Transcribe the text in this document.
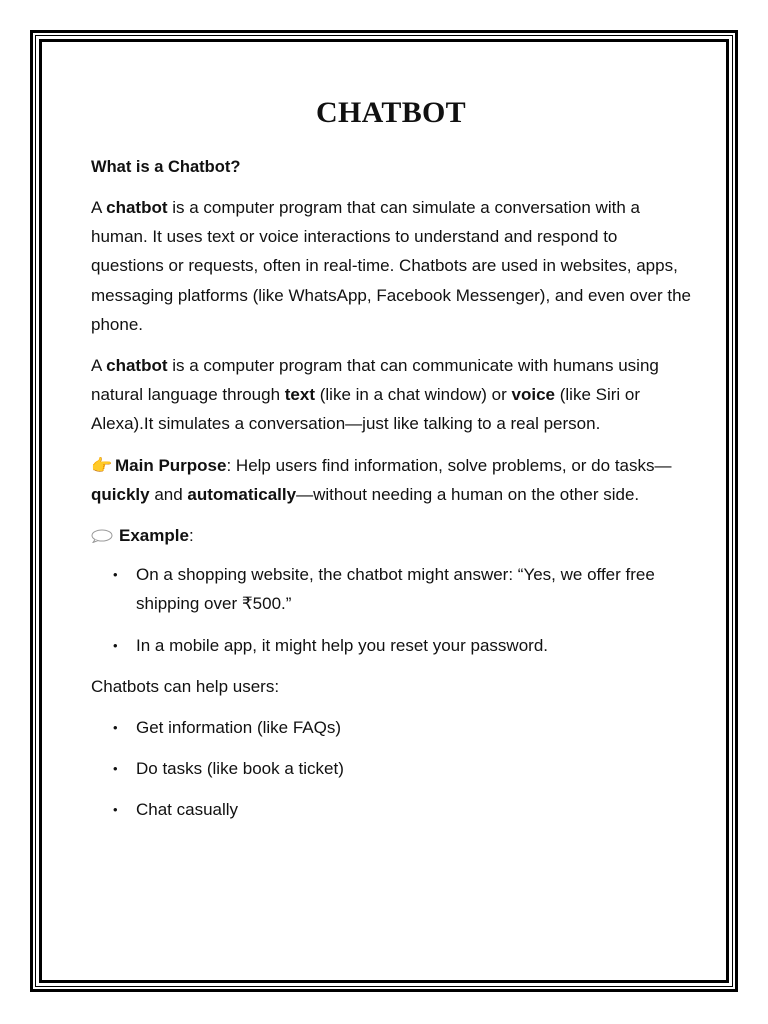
CHATBOT
What is a Chatbot?

A chatbot is a computer program that can simulate a conversation with a human. It uses text or voice interactions to understand and respond to questions or requests, often in real-time. Chatbots are used in websites, apps, messaging platforms (like WhatsApp, Facebook Messenger), and even over the phone.

A chatbot is a computer program that can communicate with humans using natural language through text (like in a chat window) or voice (like Siri or Alexa).It simulates a conversation—just like talking to a real person.

👉 Main Purpose: Help users find information, solve problems, or do tasks—quickly and automatically—without needing a human on the other side.

Example:

• On a shopping website, the chatbot might answer: “Yes, we offer free shipping over ₹500.”
• In a mobile app, it might help you reset your password.

Chatbots can help users:

• Get information (like FAQs)
• Do tasks (like book a ticket)
• Chat casually
